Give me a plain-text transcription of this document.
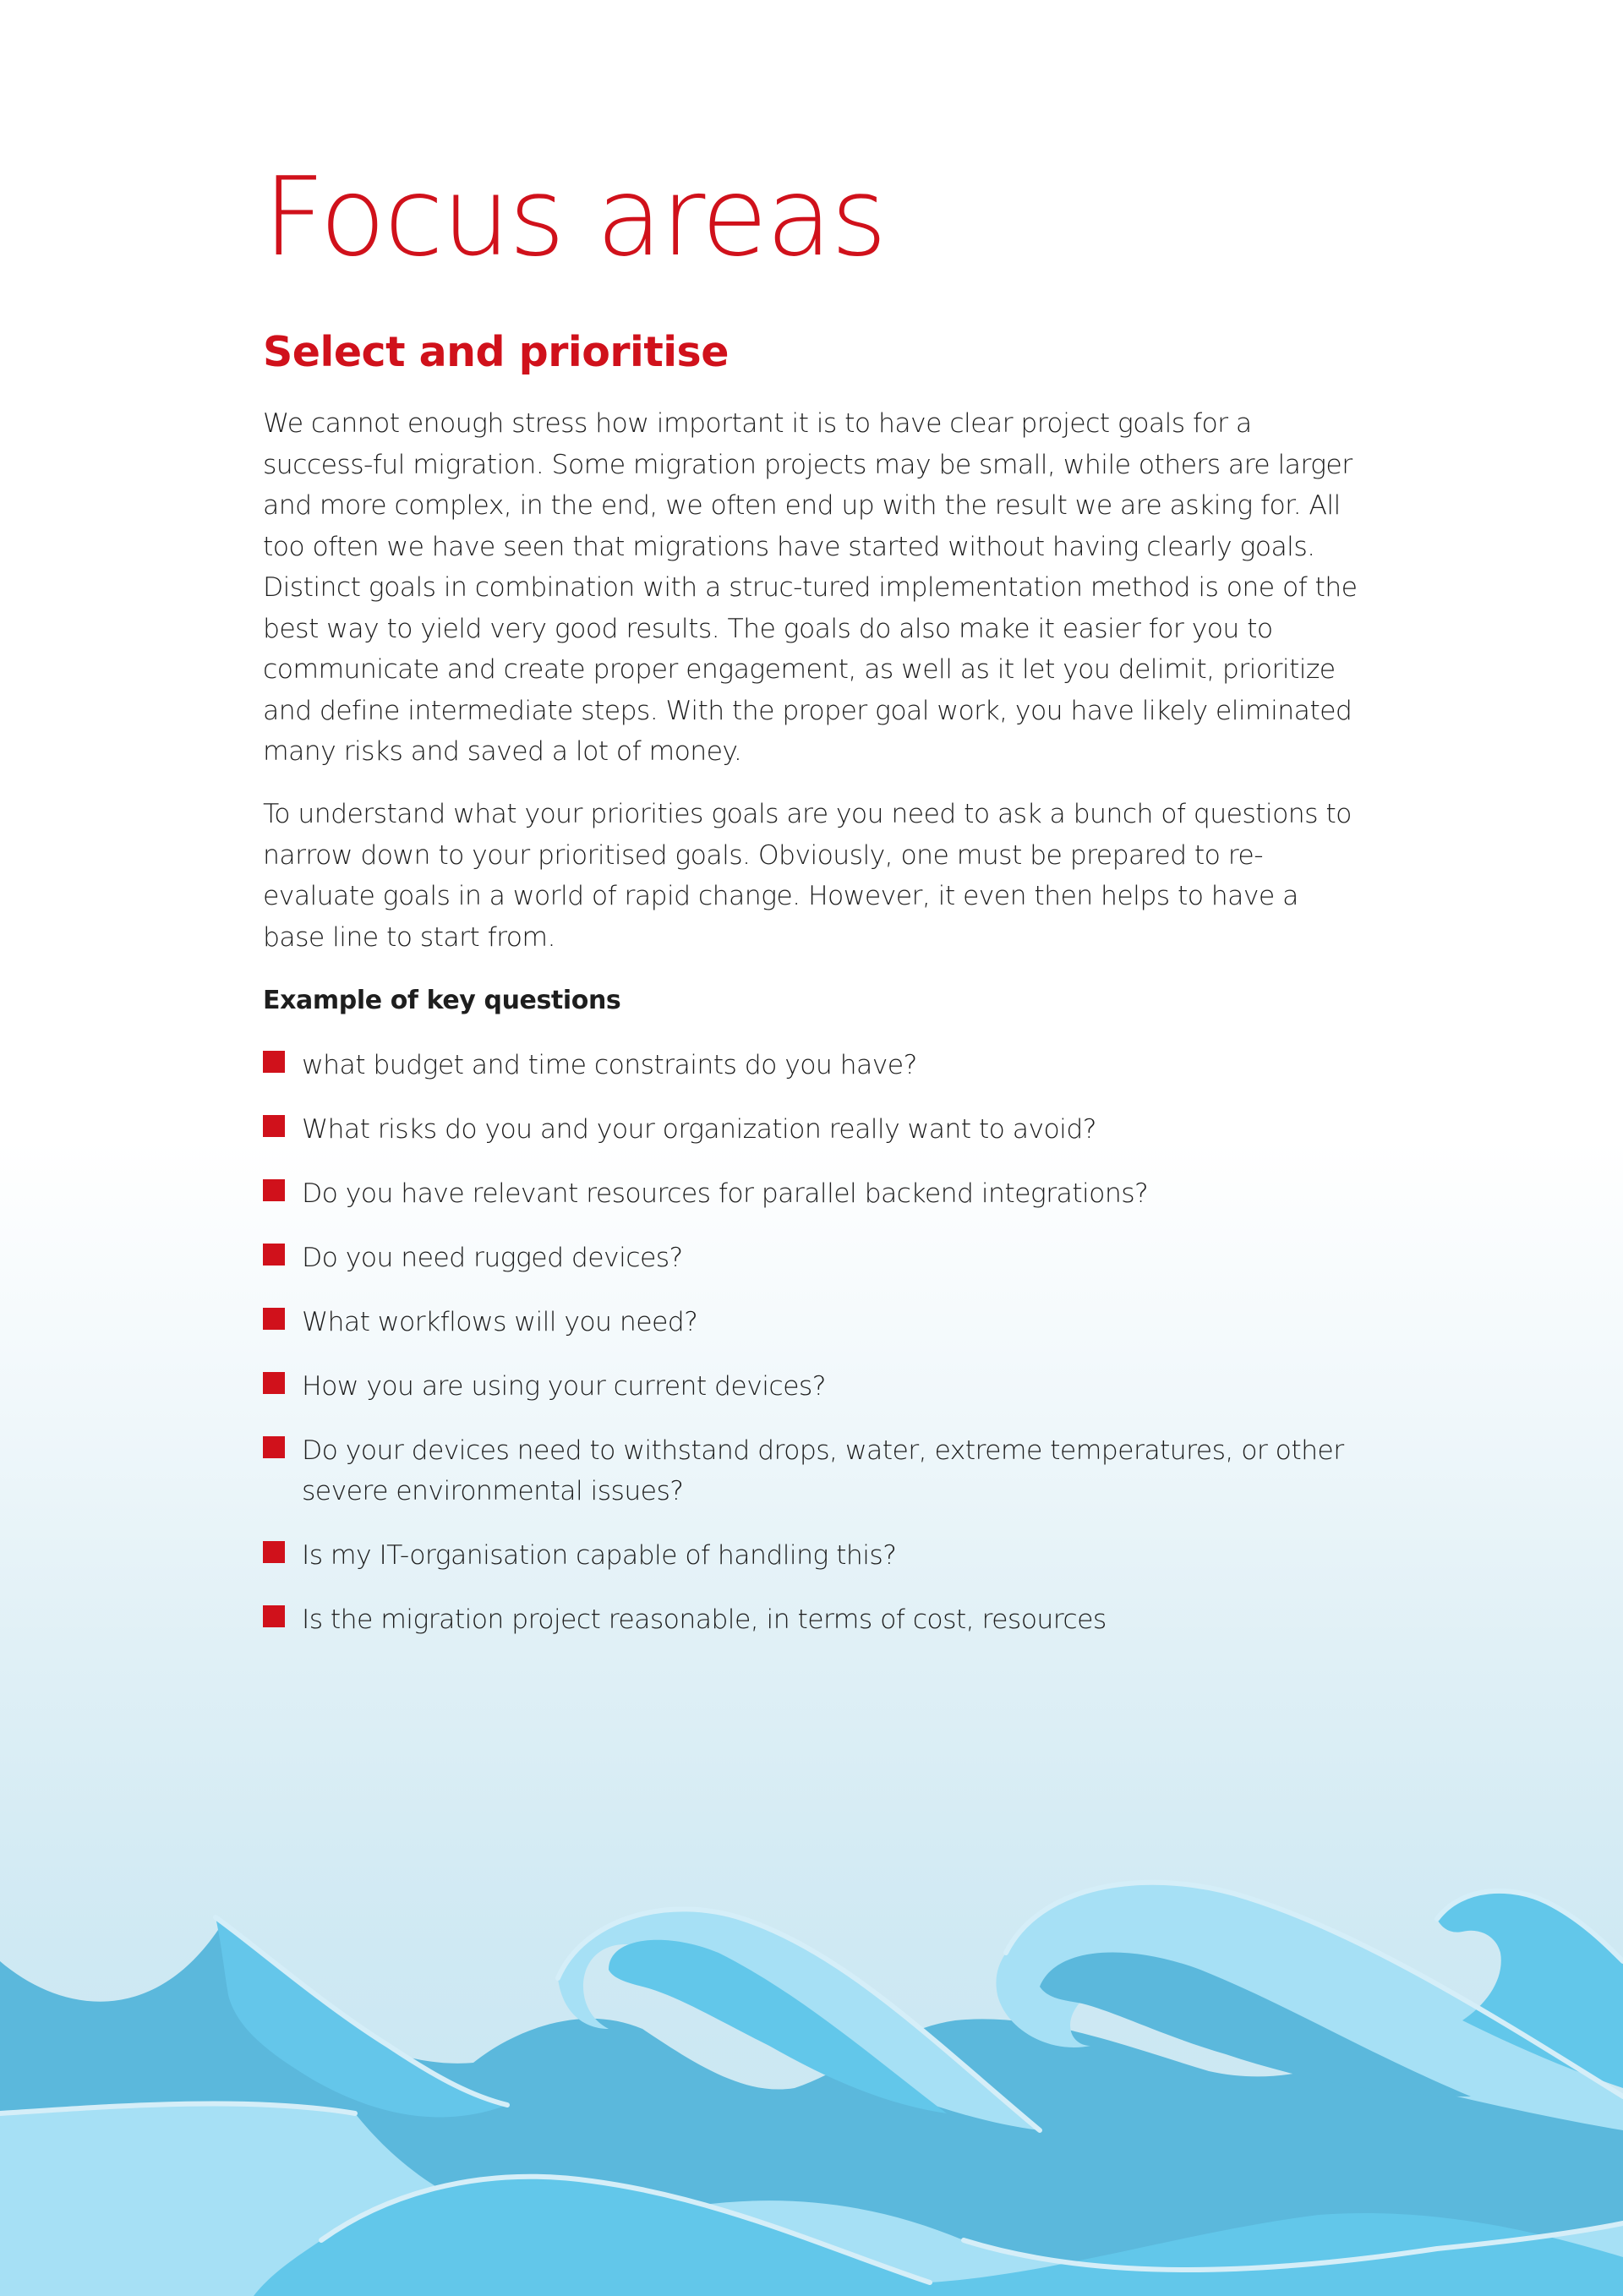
Focus areas
Select and prioritise

We cannot enough stress how important it is to have clear project goals for a success-ful migration. Some migration projects may be small, while others are larger and more complex, in the end, we often end up with the result we are asking for. All too often we have seen that migrations have started without having clearly goals. Distinct goals in combination with a struc-tured implementation method is one of the best way to yield very good results. The goals do also make it easier for you to communicate and create proper engagement, as well as it let you delimit, prioritize and define intermediate steps. With the proper goal work, you have likely eliminated many risks and saved a lot of money.

To understand what your priorities goals are you need to ask a bunch of questions to narrow down to your prioritised goals. Obviously, one must be prepared to re-evaluate goals in a world of rapid change. However, it even then helps to have a base line to start from.

Example of key questions
what budget and time constraints do you have?
What risks do you and your organization really want to avoid?
Do you have relevant resources for parallel backend integrations?
Do you need rugged devices?
What workflows will you need?
How you are using your current devices?
Do your devices need to withstand drops, water, extreme temperatures, or other severe environmental issues?
Is my IT-organisation capable of handling this?
Is the migration project reasonable, in terms of cost, resources
